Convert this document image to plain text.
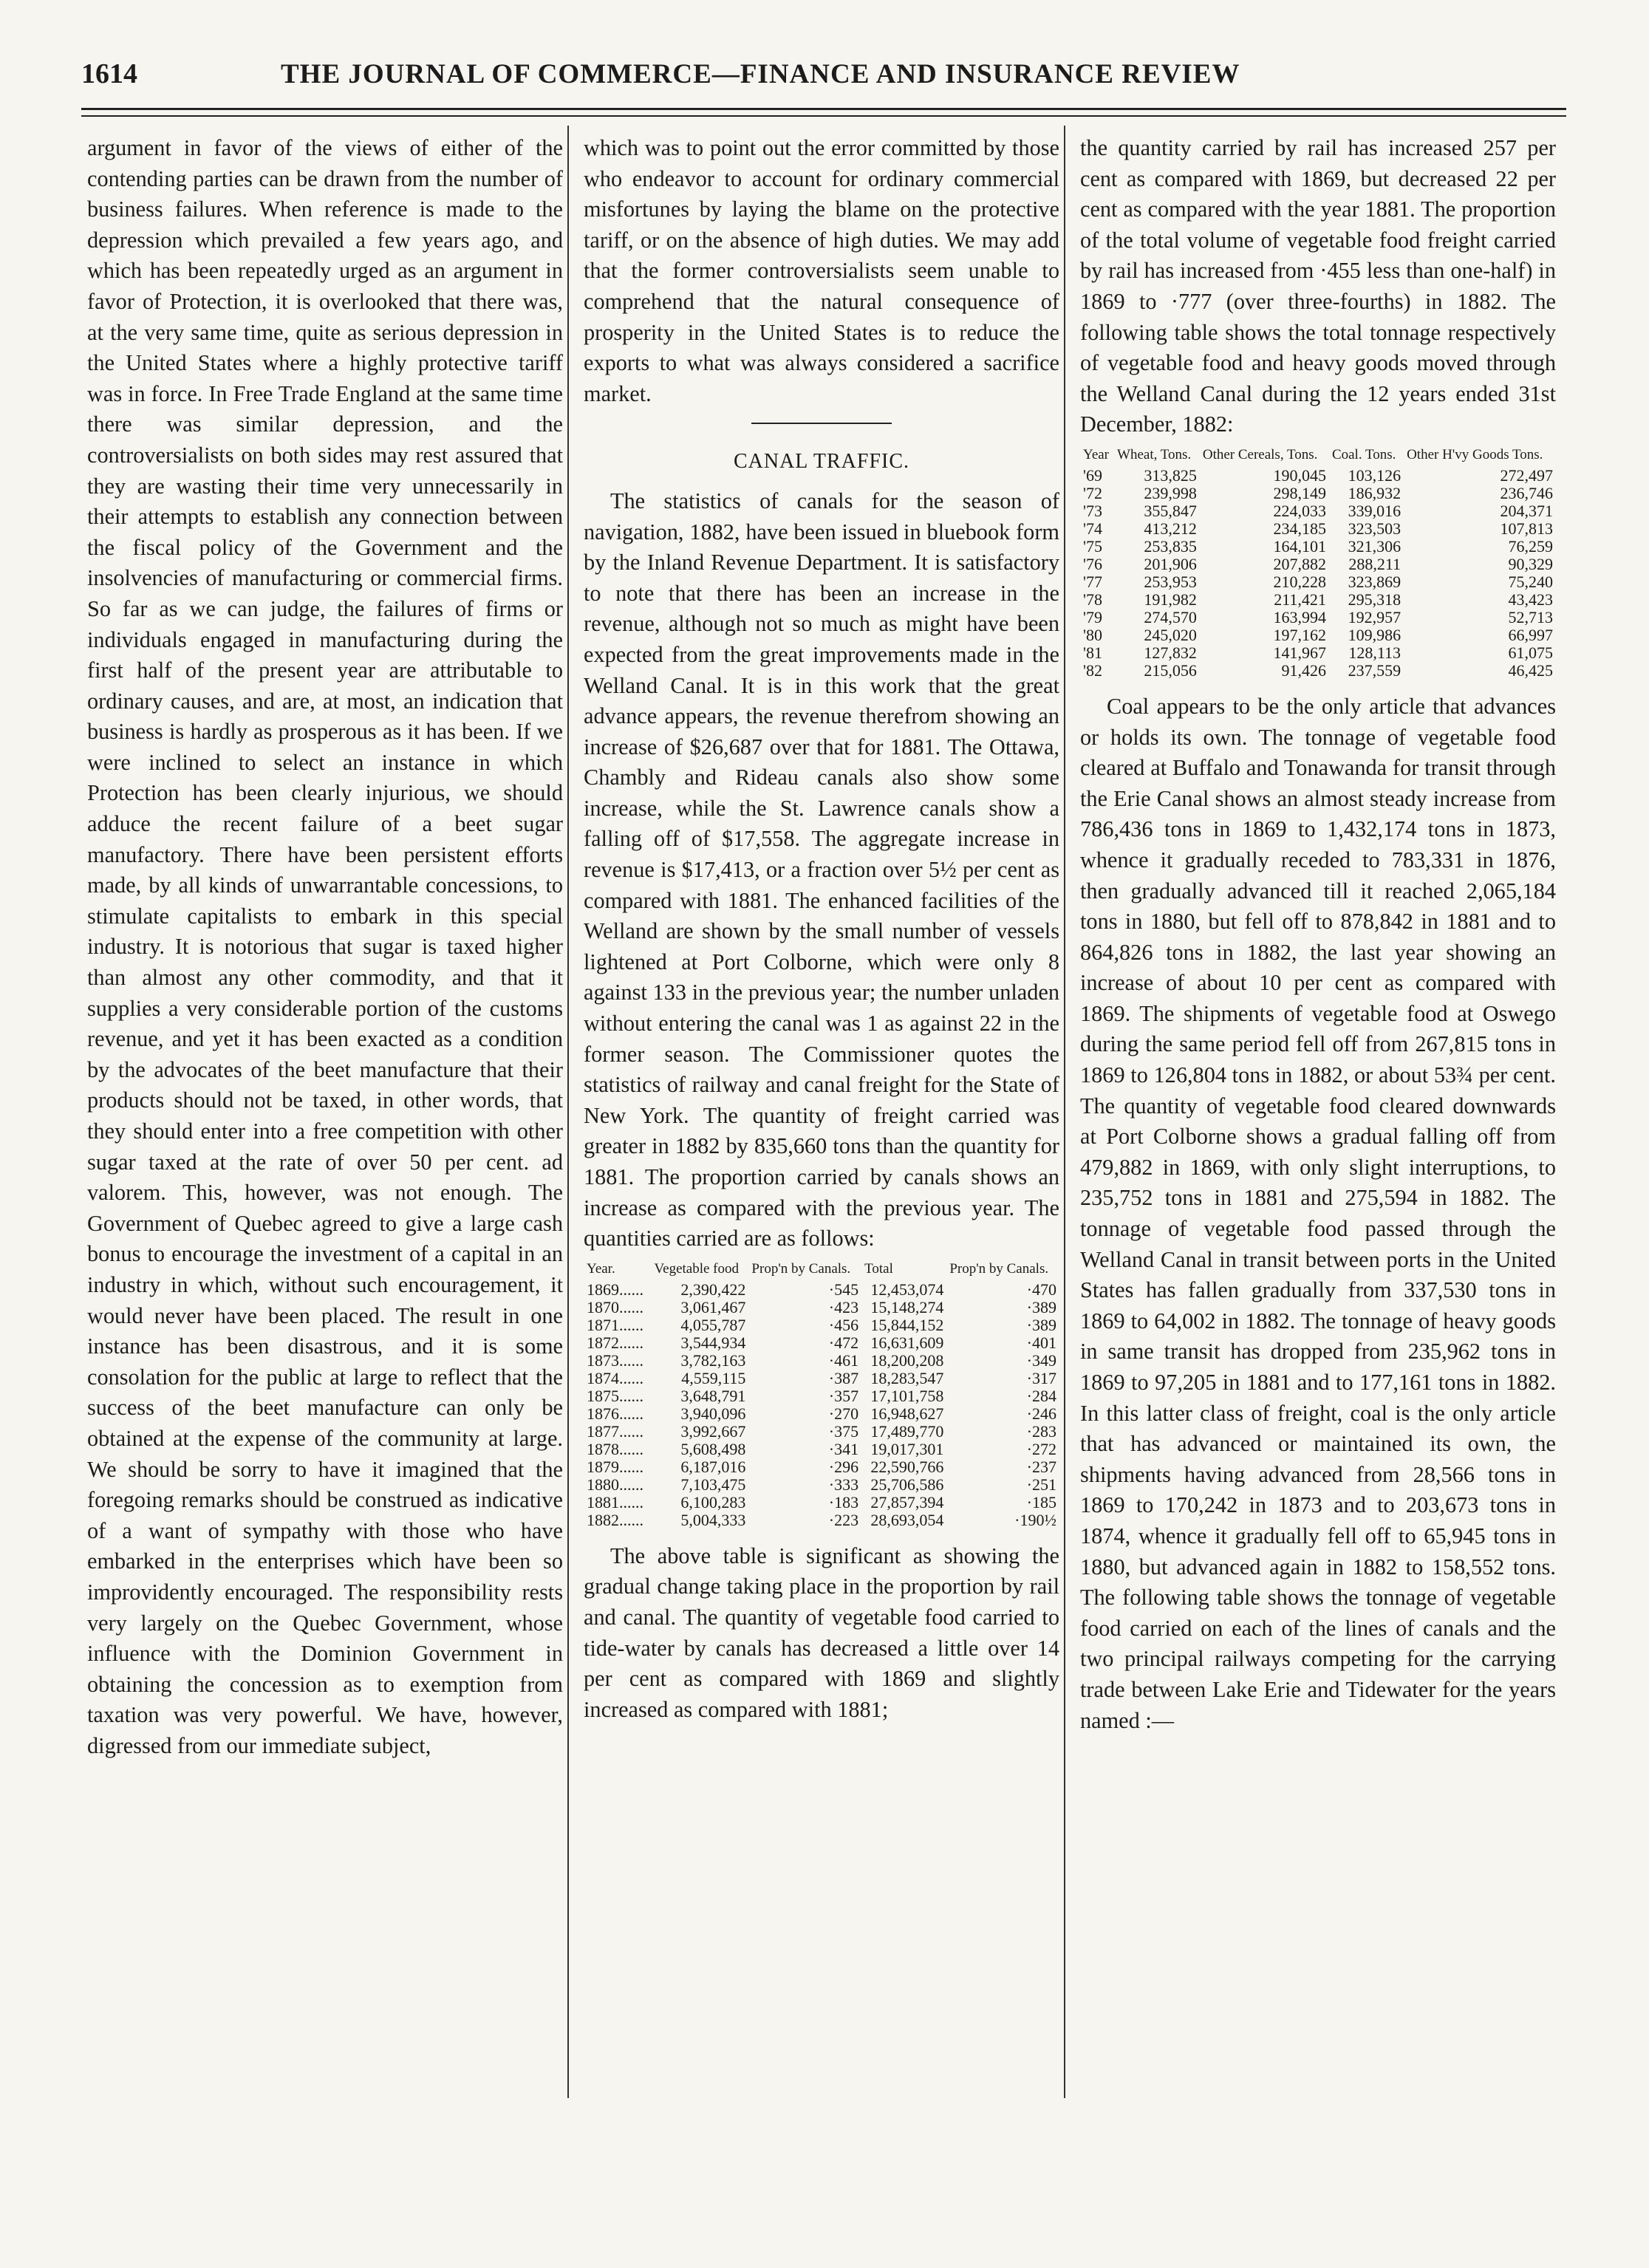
1614	THE JOURNAL OF COMMERCE—FINANCE AND INSURANCE REVIEW

argument in favor of the views of either of the contending parties can be drawn from the number of business failures. When reference is made to the depression which prevailed a few years ago, and which has been repeatedly urged as an argument in favor of Protection, it is overlooked that there was, at the very same time, quite as serious depression in the United States where a highly protective tariff was in force. In Free Trade England at the same time there was similar depression, and the controversialists on both sides may rest assured that they are wasting their time very unnecessarily in their attempts to establish any connection between the fiscal policy of the Government and the insolvencies of manufacturing or commercial firms. So far as we can judge, the failures of firms or individuals engaged in manufacturing during the first half of the present year are attributable to ordinary causes, and are, at most, an indication that business is hardly as prosperous as it has been. If we were inclined to select an instance in which Protection has been clearly injurious, we should adduce the recent failure of a beet sugar manufactory. There have been persistent efforts made, by all kinds of unwarrantable concessions, to stimulate capitalists to embark in this special industry. It is notorious that sugar is taxed higher than almost any other commodity, and that it supplies a very considerable portion of the customs revenue, and yet it has been exacted as a condition by the advocates of the beet manufacture that their products should not be taxed, in other words, that they should enter into a free competition with other sugar taxed at the rate of over 50 per cent. ad valorem. This, however, was not enough. The Government of Quebec agreed to give a large cash bonus to encourage the investment of a capital in an industry in which, without such encouragement, it would never have been placed. The result in one instance has been disastrous, and it is some consolation for the public at large to reflect that the success of the beet manufacture can only be obtained at the expense of the community at large. We should be sorry to have it imagined that the foregoing remarks should be construed as indicative of a want of sympathy with those who have embarked in the enterprises which have been so improvidently encouraged. The responsibility rests very largely on the Quebec Government, whose influence with the Dominion Government in obtaining the concession as to exemption from taxation was very powerful. We have, however, digressed from our immediate subject,

which was to point out the error committed by those who endeavor to account for ordinary commercial misfortunes by laying the blame on the protective tariff, or on the absence of high duties. We may add that the former controversialists seem unable to comprehend that the natural consequence of prosperity in the United States is to reduce the exports to what was always considered a sacrifice market.

CANAL TRAFFIC.

The statistics of canals for the season of navigation, 1882, have been issued in bluebook form by the Inland Revenue Department. It is satisfactory to note that there has been an increase in the revenue, although not so much as might have been expected from the great improvements made in the Welland Canal. It is in this work that the great advance appears, the revenue therefrom showing an increase of $26,687 over that for 1881. The Ottawa, Chambly and Rideau canals also show some increase, while the St. Lawrence canals show a falling off of $17,558. The aggregate increase in revenue is $17,413, or a fraction over 5½ per cent as compared with 1881. The enhanced facilities of the Welland are shown by the small number of vessels lightened at Port Colborne, which were only 8 against 133 in the previous year; the number unladen without entering the canal was 1 as against 22 in the former season. The Commissioner quotes the statistics of railway and canal freight for the State of New York. The quantity of freight carried was greater in 1882 by 835,660 tons than the quantity for 1881. The proportion carried by canals shows an increase as compared with the previous year. The quantities carried are as follows:

Year.	Vegetable food	Prop'n by Canals.	Total	Prop'n by Canals.
1869......	2,390,422	·545	12,453,074	·470
1870......	3,061,467	·423	15,148,274	·389
1871......	4,055,787	·456	15,844,152	·389
1872......	3,544,934	·472	16,631,609	·401
1873......	3,782,163	·461	18,200,208	·349
1874......	4,559,115	·387	18,283,547	·317
1875......	3,648,791	·357	17,101,758	·284
1876......	3,940,096	·270	16,948,627	·246
1877......	3,992,667	·375	17,489,770	·283
1878......	5,608,498	·341	19,017,301	·272
1879......	6,187,016	·296	22,590,766	·237
1880......	7,103,475	·333	25,706,586	·251
1881......	6,100,283	·183	27,857,394	·185
1882......	5,004,333	·223	28,693,054	·190½

The above table is significant as showing the gradual change taking place in the proportion by rail and canal. The quantity of vegetable food carried to tide-water by canals has decreased a little over 14 per cent as compared with 1869 and slightly increased as compared with 1881;

the quantity carried by rail has increased 257 per cent as compared with 1869, but decreased 22 per cent as compared with the year 1881. The proportion of the total volume of vegetable food freight carried by rail has increased from ·455 less than one-half) in 1869 to ·777 (over three-fourths) in 1882. The following table shows the total tonnage respectively of vegetable food and heavy goods moved through the Welland Canal during the 12 years ended 31st December, 1882:

Year	Wheat, Tons.	Other Cereals, Tons.	Coal. Tons.	Other H'vy Goods Tons.
'69	313,825	190,045	103,126	272,497
'72	239,998	298,149	186,932	236,746
'73	355,847	224,033	339,016	204,371
'74	413,212	234,185	323,503	107,813
'75	253,835	164,101	321,306	76,259
'76	201,906	207,882	288,211	90,329
'77	253,953	210,228	323,869	75,240
'78	191,982	211,421	295,318	43,423
'79	274,570	163,994	192,957	52,713
'80	245,020	197,162	109,986	66,997
'81	127,832	141,967	128,113	61,075
'82	215,056	91,426	237,559	46,425

Coal appears to be the only article that advances or holds its own. The tonnage of vegetable food cleared at Buffalo and Tonawanda for transit through the Erie Canal shows an almost steady increase from 786,436 tons in 1869 to 1,432,174 tons in 1873, whence it gradually receded to 783,331 in 1876, then gradually advanced till it reached 2,065,184 tons in 1880, but fell off to 878,842 in 1881 and to 864,826 tons in 1882, the last year showing an increase of about 10 per cent as compared with 1869. The shipments of vegetable food at Oswego during the same period fell off from 267,815 tons in 1869 to 126,804 tons in 1882, or about 53¾ per cent. The quantity of vegetable food cleared downwards at Port Colborne shows a gradual falling off from 479,882 in 1869, with only slight interruptions, to 235,752 tons in 1881 and 275,594 in 1882. The tonnage of vegetable food passed through the Welland Canal in transit between ports in the United States has fallen gradually from 337,530 tons in 1869 to 64,002 in 1882. The tonnage of heavy goods in same transit has dropped from 235,962 tons in 1869 to 97,205 in 1881 and to 177,161 tons in 1882. In this latter class of freight, coal is the only article that has advanced or maintained its own, the shipments having advanced from 28,566 tons in 1869 to 170,242 in 1873 and to 203,673 tons in 1874, whence it gradually fell off to 65,945 tons in 1880, but advanced again in 1882 to 158,552 tons. The following table shows the tonnage of vegetable food carried on each of the lines of canals and the two principal railways competing for the carrying trade between Lake Erie and Tidewater for the years named :—
